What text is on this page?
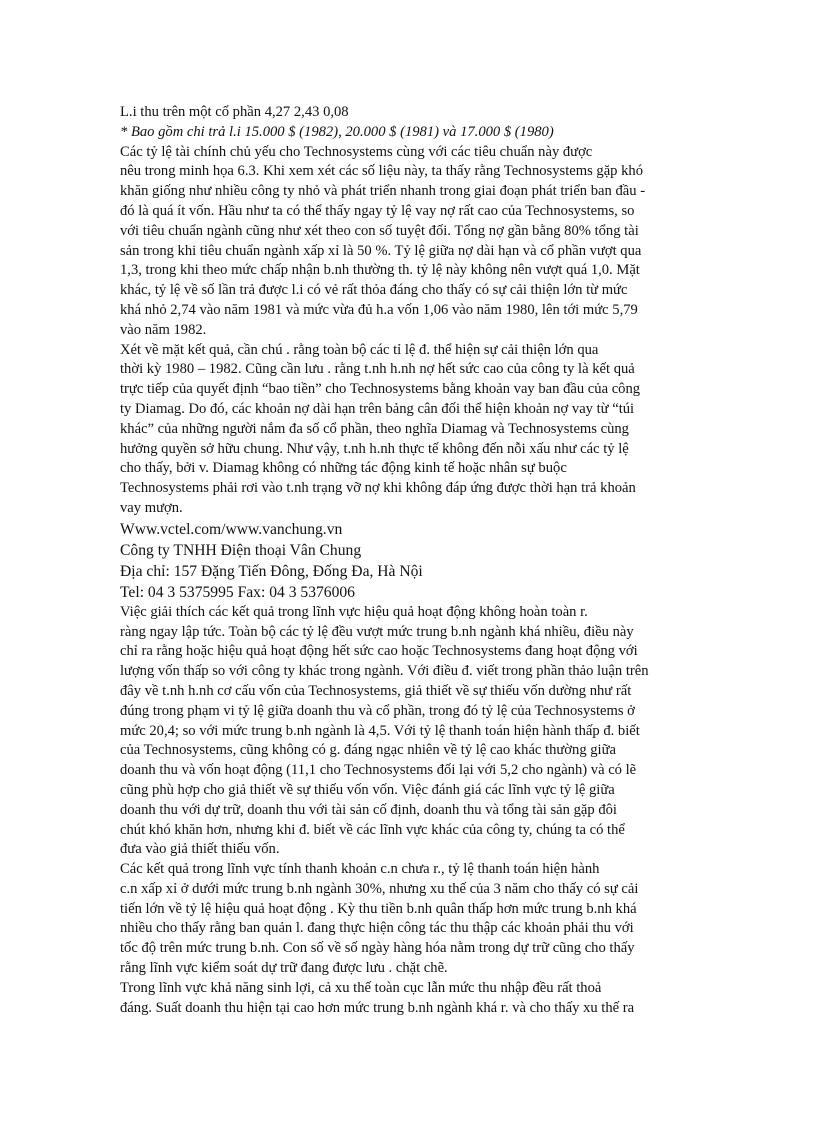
L.i thu trên một cổ phần 4,27 2,43 0,08
* Bao gồm chi trả l.i 15.000 $ (1982), 20.000 $ (1981) và 17.000 $ (1980)
Các tỷ lệ tài chính chủ yếu cho Technosystems cùng với các tiêu chuẩn này được
nêu trong minh họa 6.3. Khi xem xét các số liệu này, ta thấy rằng Technosystems gặp khó
khăn giống như nhiều công ty nhỏ và phát triển nhanh trong giai đoạn phát triển ban đầu -
đó là quá ít vốn. Hầu như ta có thể thấy ngay tỷ lệ vay nợ rất cao của Technosystems, so
với tiêu chuẩn ngành cũng như xét theo con số tuyệt đối. Tổng nợ gần bằng 80% tổng tài
sản trong khi tiêu chuẩn ngành xấp xỉ là 50 %. Tỷ lệ giữa nợ dài hạn và cổ phần vượt qua
1,3, trong khi theo mức chấp nhận b.nh thường th. tỷ lệ này không nên vượt quá 1,0. Mặt
khác, tỷ lệ về số lần trả được l.i có vẻ rất thỏa đáng cho thấy có sự cải thiện lớn từ mức
khá nhỏ 2,74 vào năm 1981 và mức vừa đủ h.a vốn 1,06 vào năm 1980, lên tới mức 5,79
vào năm 1982.
Xét về mặt kết quả, cần chú . rằng toàn bộ các tỉ lệ đ. thể hiện sự cải thiện lớn qua
thời kỳ 1980 – 1982. Cũng cần lưu . rằng t.nh h.nh nợ hết sức cao của công ty là kết quả
trực tiếp của quyết định “bao tiền” cho Technosystems bằng khoản vay ban đầu của công
ty Diamag. Do đó, các khoản nợ dài hạn trên bảng cân đối thể hiện khoản nợ vay từ “túi
khác” của những người nắm đa số cổ phần, theo nghĩa Diamag và Technosystems cùng
hưởng quyền sở hữu chung. Như vậy, t.nh h.nh thực tế không đến nỗi xấu như các tỷ lệ
cho thấy, bởi v. Diamag không có những tác động kinh tế hoặc nhân sự buộc
Technosystems phải rơi vào t.nh trạng vỡ nợ khi không đáp ứng được thời hạn trả khoản
vay mượn.
Www.vctel.com/www.vanchung.vn
Công ty TNHH Điện thoại Vân Chung
Địa chỉ: 157 Đặng Tiến Đông, Đống Đa, Hà Nội
Tel: 04 3 5375995 Fax: 04 3 5376006
Việc giải thích các kết quả trong lĩnh vực hiệu quả hoạt động không hoàn toàn r.
ràng ngay lập tức. Toàn bộ các tỷ lệ đều vượt mức trung b.nh ngành khá nhiều, điều này
chỉ ra rằng hoặc hiệu quả hoạt động hết sức cao hoặc Technosystems đang hoạt động với
lượng vốn thấp so với công ty khác trong ngành. Với điều đ. viết trong phần thảo luận trên
đây về t.nh h.nh cơ cấu vốn của Technosystems, giả thiết về sự thiếu vốn dường như rất
đúng trong phạm vi tỷ lệ giữa doanh thu và cổ phần, trong đó tỷ lệ của Technosystems ở
mức 20,4; so với mức trung b.nh ngành là 4,5. Với tỷ lệ thanh toán hiện hành thấp đ. biết
của Technosystems, cũng không có g. đáng ngạc nhiên về tỷ lệ cao khác thường giữa
doanh thu và vốn hoạt động (11,1 cho Technosystems đối lại với 5,2 cho ngành) và có lẽ
cũng phù hợp cho giả thiết về sự thiếu vốn vốn. Việc đánh giá các lĩnh vực tỷ lệ giữa
doanh thu với dự trữ, doanh thu với tài sản cố định, doanh thu và tổng tài sản gặp đôi
chút khó khăn hơn, nhưng khi đ. biết về các lĩnh vực khác của công ty, chúng ta có thể
đưa vào giả thiết thiếu vốn.
Các kết quả trong lĩnh vực tính thanh khoản c.n chưa r., tỷ lệ thanh toán hiện hành
c.n xấp xỉ ở dưới mức trung b.nh ngành 30%, nhưng xu thế của 3 năm cho thấy có sự cải
tiến lớn về tỷ lệ hiệu quả hoạt động . Kỳ thu tiền b.nh quân thấp hơn mức trung b.nh khá
nhiều cho thấy rằng ban quản l. đang thực hiện công tác thu thập các khoản phải thu với
tốc độ trên mức trung b.nh. Con số về số ngày hàng hóa nằm trong dự trữ cũng cho thấy
rằng lĩnh vực kiểm soát dự trữ đang được lưu . chặt chẽ.
Trong lĩnh vực khả năng sinh lợi, cả xu thế toàn cục lẫn mức thu nhập đều rất thoả
đáng. Suất doanh thu hiện tại cao hơn mức trung b.nh ngành khá r. và cho thấy xu thế ra
